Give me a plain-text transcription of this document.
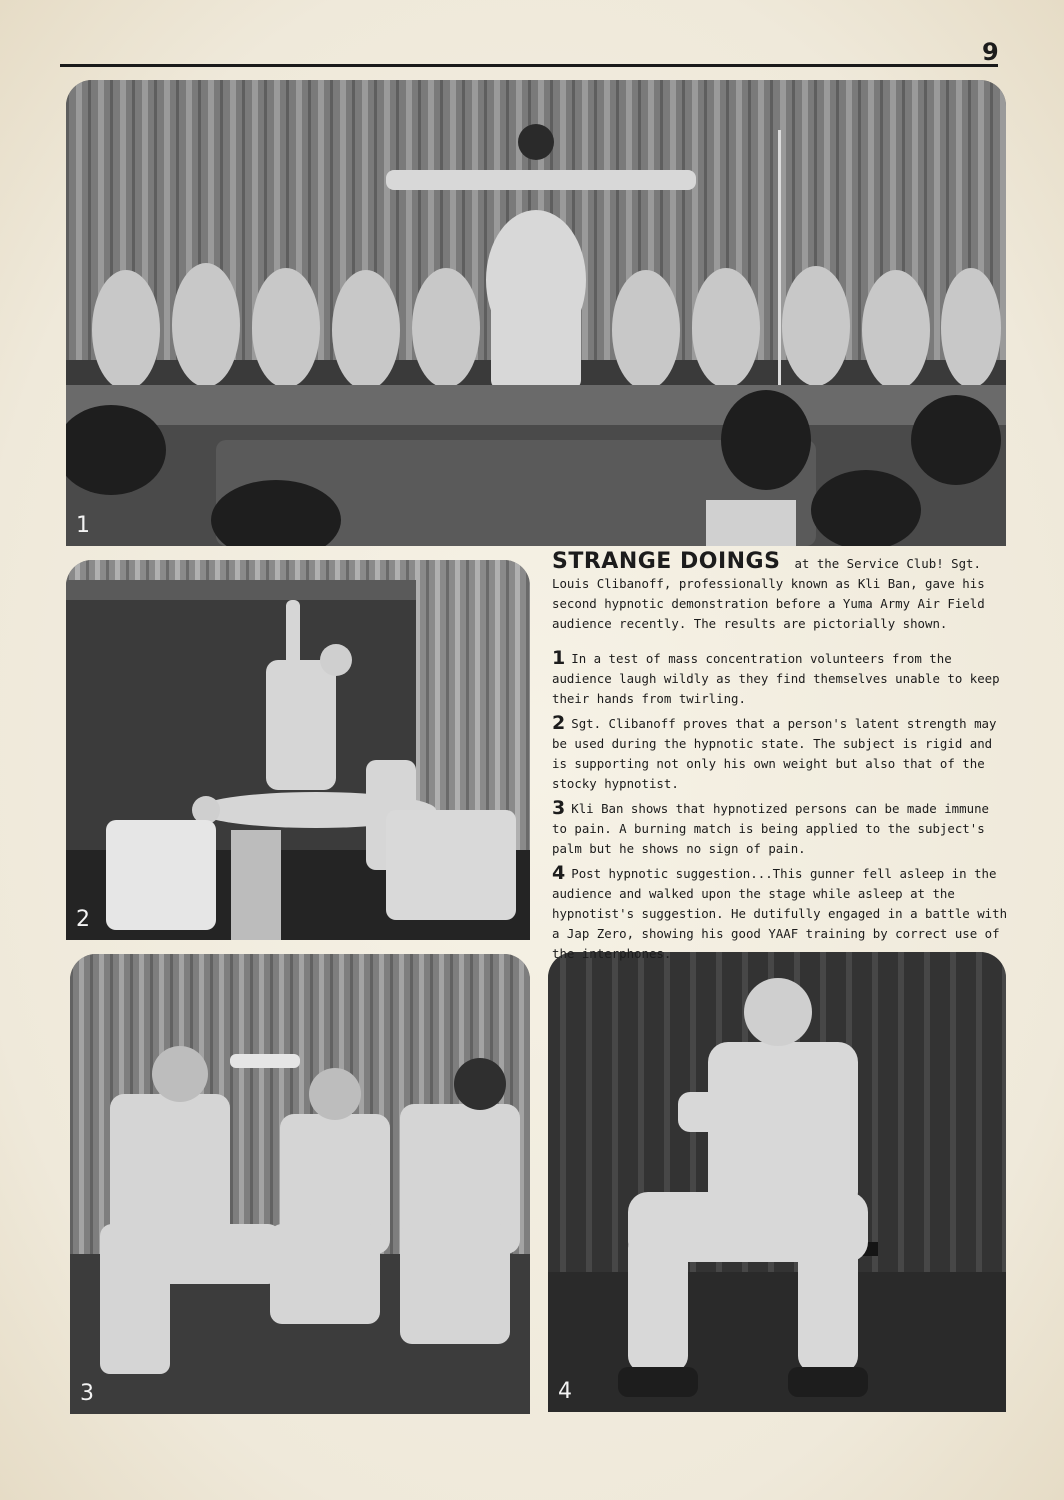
9
1
2
3	4

STRANGE DOINGS at the Service Club! Sgt. Louis Clibanoff, professionally known as Kli Ban, gave his second hypnotic demonstration before a Yuma Army Air Field audience recently. The results are pictorially shown.

1 In a test of mass concentration volunteers from the audience laugh wildly as they find themselves unable to keep their hands from twirling.

2 Sgt. Clibanoff proves that a person's latent strength may be used during the hypnotic state. The subject is rigid and is supporting not only his own weight but also that of the stocky hypnotist.

3 Kli Ban shows that hypnotized persons can be made immune to pain. A burning match is being applied to the subject's palm but he shows no sign of pain.

4 Post hypnotic suggestion...This gunner fell asleep in the audience and walked upon the stage while asleep at the hypnotist's suggestion. He dutifully engaged in a battle with a Jap Zero, showing his good YAAF training by correct use of the interphones.
